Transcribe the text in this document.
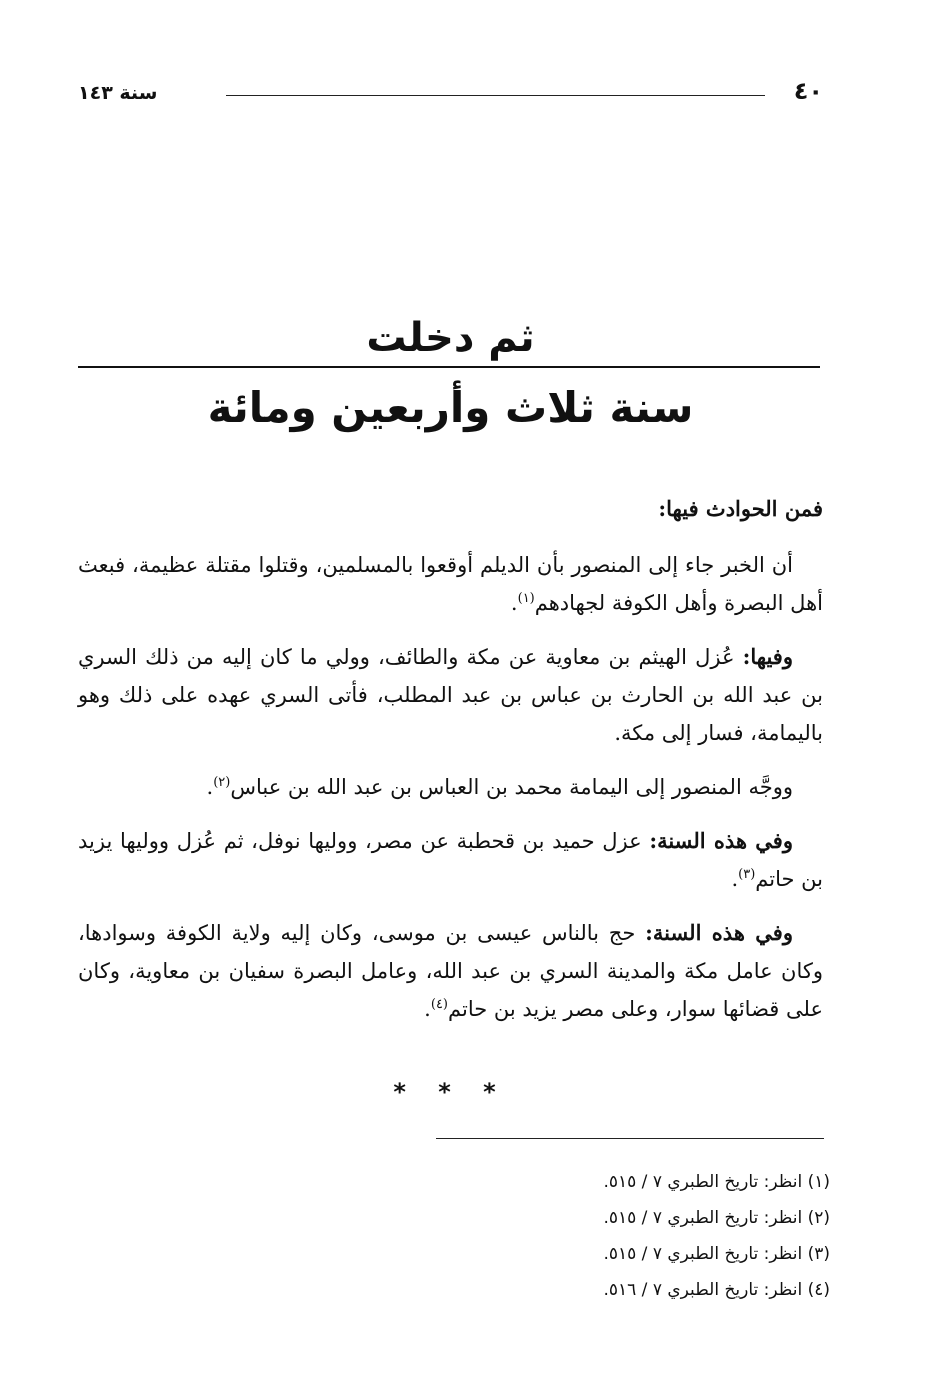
٤٠
سنة ١٤٣
ثم دخلت
سنة ثلاث وأربعين ومائة

فمن الحوادث فيها:

أن الخبر جاء إلى المنصور بأن الديلم أوقعوا بالمسلمين، وقتلوا مقتلة عظيمة، فبعث أهل البصرة وأهل الكوفة لجهادهم$^{(١)}$.

وفيها: عُزل الهيثم بن معاوية عن مكة والطائف، وولي ما كان إليه من ذلك السري بن عبد الله بن الحارث بن عباس بن عبد المطلب، فأتى السري عهده على ذلك وهو باليمامة، فسار إلى مكة.

ووجَّه المنصور إلى اليمامة محمد بن العباس بن عبد الله بن عباس$^{(٢)}$.

وفي هذه السنة: عزل حميد بن قحطبة عن مصر، ووليها نوفل، ثم عُزل ووليها يزيد بن حاتم$^{(٣)}$.

وفي هذه السنة: حج بالناس عيسى بن موسى، وكان إليه ولاية الكوفة وسوادها، وكان عامل مكة والمدينة السري بن عبد الله، وعامل البصرة سفيان بن معاوية، وكان على قضائها سوار، وعلى مصر يزيد بن حاتم$^{(٤)}$.

* * *
(١) انظر: تاريخ الطبري ٧ / ٥١٥.
(٢) انظر: تاريخ الطبري ٧ / ٥١٥.
(٣) انظر: تاريخ الطبري ٧ / ٥١٥.
(٤) انظر: تاريخ الطبري ٧ / ٥١٦.
